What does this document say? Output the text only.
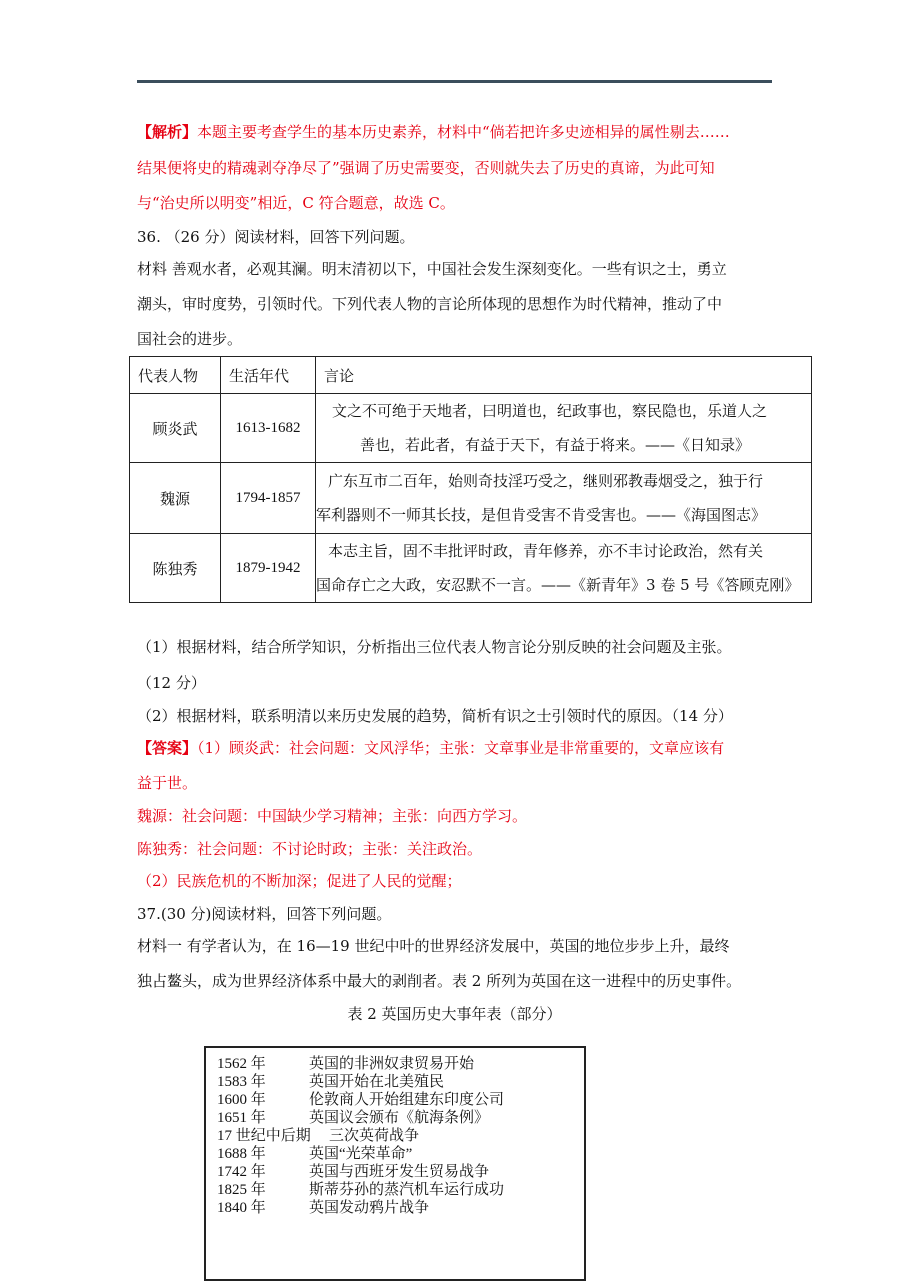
【解析】本题主要考查学生的基本历史素养，材料中“倘若把许多史迹相异的属性剔去……
结果便将史的精魂剥夺净尽了”强调了历史需要变，否则就失去了历史的真谛，为此可知
与“治史所以明变”相近，C 符合题意，故选 C。
36. （26 分）阅读材料，回答下列问题。
材料 善观水者，必观其澜。明末清初以下，中国社会发生深刻变化。一些有识之士，勇立
潮头，审时度势，引领时代。下列代表人物的言论所体现的思想作为时代精神，推动了中
国社会的进步。
代表人物	生活年代	言论
顾炎武	1613-1682	文之不可绝于天地者，曰明道也，纪政事也，察民隐也，乐道人之
善也，若此者，有益于天下，有益于将来。——《日知录》

魏源	1794-1857	广东互市二百年，始则奇技淫巧受之，继则邪教毒烟受之，独于行
军利器则不一师其长技，是但肯受害不肯受害也。——《海国图志》

陈独秀	1879-1942	本志主旨，固不丰批评时政，青年修养，亦不丰讨论政治，然有关
国命存亡之大政，安忍默不一言。——《新青年》3 卷 5 号《答顾克刚》
（1）根据材料，结合所学知识，分析指出三位代表人物言论分别反映的社会问题及主张。
（12 分）
（2）根据材料，联系明清以来历史发展的趋势，简析有识之士引领时代的原因。（14 分）
【答案】（1）顾炎武：社会问题：文风浮华；主张：文章事业是非常重要的，文章应该有
益于世。
魏源：社会问题：中国缺少学习精神；主张：向西方学习。
陈独秀：社会问题：不讨论时政；主张：关注政治。
（2）民族危机的不断加深；促进了人民的觉醒；
37.(30 分)阅读材料，回答下列问题。
材料一 有学者认为，在 16—19 世纪中叶的世界经济发展中，英国的地位步步上升，最终
独占鳌头，成为世界经济体系中最大的剥削者。表 2 所列为英国在这一进程中的历史事件。
表 2 英国历史大事年表（部分）
1562 年	英国的非洲奴隶贸易开始
1583 年	英国开始在北美殖民
1600 年	伦敦商人开始组建东印度公司
1651 年	英国议会颁布《航海条例》
17 世纪中后期 三次英荷战争
1688 年	英国“光荣革命”
1742 年	英国与西班牙发生贸易战争
1825 年	斯蒂芬孙的蒸汽机车运行成功
1840 年	英国发动鸦片战争
